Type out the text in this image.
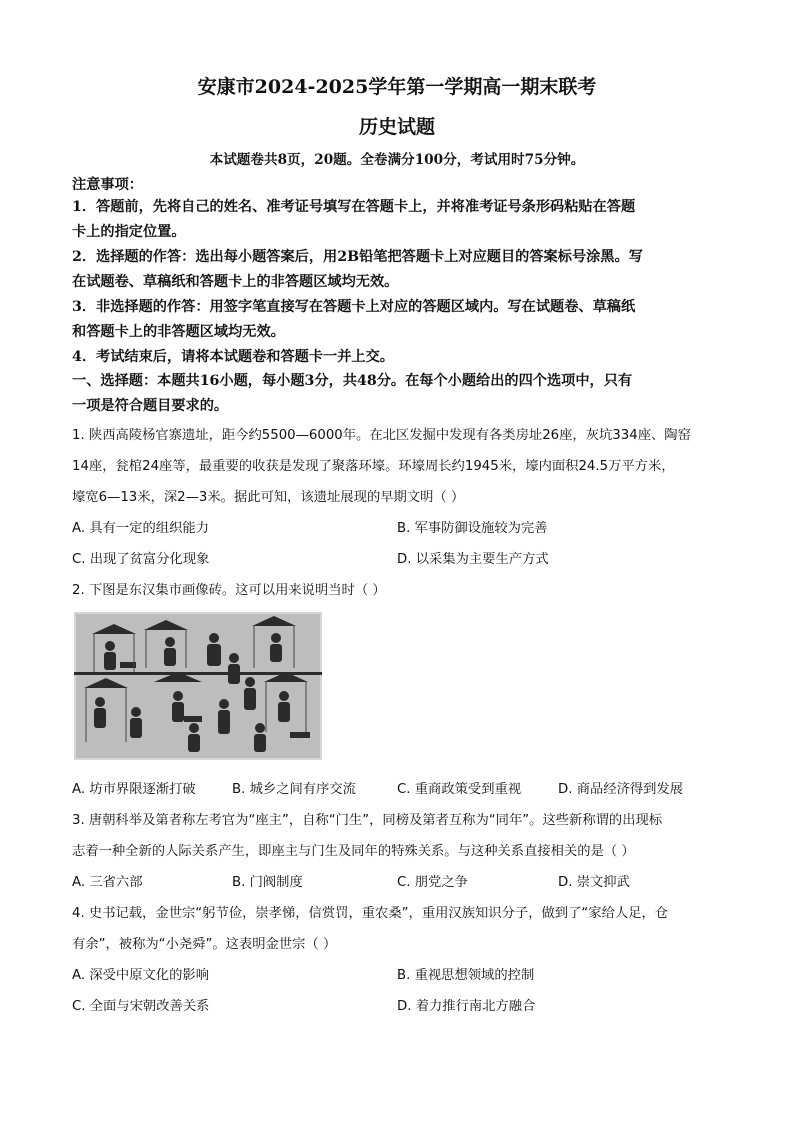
安康市2024-2025学年第一学期高一期末联考
历史试题
本试题卷共8页，20题。全卷满分100分，考试用时75分钟。
注意事项：
1．答题前，先将自己的姓名、准考证号填写在答题卡上，并将准考证号条形码粘贴在答题
卡上的指定位置。
2．选择题的作答：选出每小题答案后，用2B铅笔把答题卡上对应题目的答案标号涂黑。写
在试题卷、草稿纸和答题卡上的非答题区域均无效。
3．非选择题的作答：用签字笔直接写在答题卡上对应的答题区域内。写在试题卷、草稿纸
和答题卡上的非答题区域均无效。
4．考试结束后，请将本试题卷和答题卡一并上交。
一、选择题：本题共16小题，每小题3分，共48分。在每个小题给出的四个选项中，只有
一项是符合题目要求的。
1. 陕西高陵杨官寨遗址，距今约5500—6000年。在北区发掘中发现有各类房址26座，灰坑334座、陶窑
14座，瓮棺24座等，最重要的收获是发现了聚落环壕。环壕周长约1945米，壕内面积24.5万平方米，
壕宽6—13米，深2—3米。据此可知，该遗址展现的早期文明（ ）
A. 具有一定的组织能力	B. 军事防御设施较为完善
C. 出现了贫富分化现象	D. 以采集为主要生产方式
2. 下图是东汉集市画像砖。这可以用来说明当时（ ）
A. 坊市界限逐渐打破	B. 城乡之间有序交流	C. 重商政策受到重视	D. 商品经济得到发展
3. 唐朝科举及第者称左考官为“座主”，自称“门生”，同榜及第者互称为“同年”。这些新称谓的出现标
志着一种全新的人际关系产生，即座主与门生及同年的特殊关系。与这种关系直接相关的是（ ）
A. 三省六部	B. 门阀制度	C. 朋党之争	D. 崇文抑武
4. 史书记载，金世宗“躬节俭，崇孝悌，信赏罚，重农桑”，重用汉族知识分子，做到了“家给人足，仓
有余”，被称为“小尧舜”。这表明金世宗（ ）
A. 深受中原文化的影响	B. 重视思想领域的控制
C. 全面与宋朝改善关系	D. 着力推行南北方融合
